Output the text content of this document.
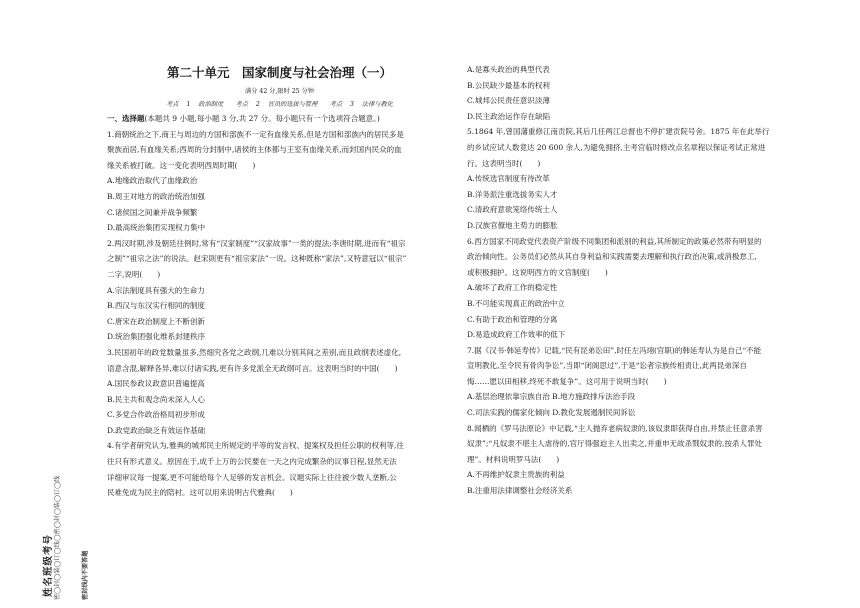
姓名班级考号 密◯封◯装◯订◯线◯密◯封◯装◯订◯线	密封线内不要答题
第二十单元　国家制度与社会治理（一）
满分 42 分,限时 25 分钟
考点 1 政治制度　　考点 2 官员的选拔与管理　　考点 3 法律与教化

一、选择题(本题共 9 小题,每小题 3 分,共 27 分。每小题只有一个选项符合题意。)

1.商朝统治之下,商王与周边的方国和部族不一定有血缘关系,但是方国和部族内的居民多是

聚族而居,有血缘关系;西周的分封制中,诸侯的主体都与王室有血缘关系,而封国内民众的血

缘关系被打破。这一变化表明西周时期(　　)

A.地缘政治取代了血缘政治

B.周王对地方的政治统治加强

C.诸侯国之间兼并战争频繁

D.最高统治集团实现权力集中

2.两汉时期,涉及朝廷往例时,常有“汉家制度”“汉家故事”一类的提法;李唐时期,进而有“祖宗

之制”“祖宗之法”的说法。赵宋則更有“祖宗家法”一说。这种既称“家法”,又特意冠以“祖宗”

二字,说明(　　)

A.宗法制度具有强大的生命力

B.西汉与东汉实行相同的制度

C.唐宋在政治制度上不断创新

D.统治集团强化维系封建秩序

3.民国初年的政党数量虽多,然细究各党之政纲,几难以分别其间之差别,而且政纲表述虚化,

语意含混,解释各异,难以付诸实践,更有许多党派全无政纲可言。这表明当时的中国(　　)

A.国民参政议政意识普遍提高

B.民主共和观念尚未深入人心

C.多党合作政治格局初步形成

D.政党政治缺乏有效运作基础

4.有学者研究认为,雅典的城邦民主所规定的平等的发言权、提案权及担任公职的权利等,往

往只有形式意义。原因在于,成千上万的公民要在一天之内完成繁杂的议事日程,显然无法

详细审议每一提案,更不可能给每个人足够的发言机会。议题实际上往往被少数人垄断,公

民难免成为民主的陪衬。这可以用来说明古代雅典(　　)

A.是寡头政治的典型代表

B.公民缺少最基本的权利

C.城邦公民责任意识淡薄

D.民主政治运作存在缺陷

5.1864 年,曾国藩重修江南贡院,其后几任两江总督也不停扩建贡院号舍。1875 年在此举行

的乡试应试人数竟达 20 600 余人,为避免拥挤,主考官临时修改点名章程以保证考试正常进

行。这表明当时(　　)

A.传统选官制度有待改革

B.洋务派注重选拔务实人才

C.清政府意欲笼络传统士人

D.汉族官僚地主势力的膨胀

6.西方国家不同政党代表资产阶级不同集团和派别的利益,其所制定的政策必然带有明显的

政治倾向性。公务员们必然从其自身利益和实践需要去理解和执行政治决策,或消极怠工,

或积极拥护。这说明西方的文官制度(　　)

A.破坏了政府工作的稳定性

B.不可能实现真正的政治中立

C.有助于政治和管理的分离

D.易造成政府工作效率的低下

7.据《汉书·韩延寿传》记载,“民有昆弟讼田”,时任左冯翊(官职)的韩延寿认为是自己“不能

宣明教化,至令民有骨肉争讼”,当即“闭阁思过”,于是“讼者宗族传相责让,此两昆弟深自

悔……愿以田相移,终死不敢复争”。这可用于说明当时(　　)

A.基层治理依靠宗族自治 B.地方施政排斥法治手段

C.司法实践的儒家化倾向 D.教化发展遏制民间诉讼

8.闻栖的《罗马法原论》中记载,“主人抛弃老病奴隶的,该奴隶即获得自由,并禁止任意杀害

奴隶”;“凡奴隶不堪主人虐待的,官厅得强迫主人出卖之,并重申无故杀戮奴隶的,按杀人罪处

理”。材料说明罗马法(　　)

A.不再维护奴隶主贵族的利益

B.注重用法律调整社会经济关系
